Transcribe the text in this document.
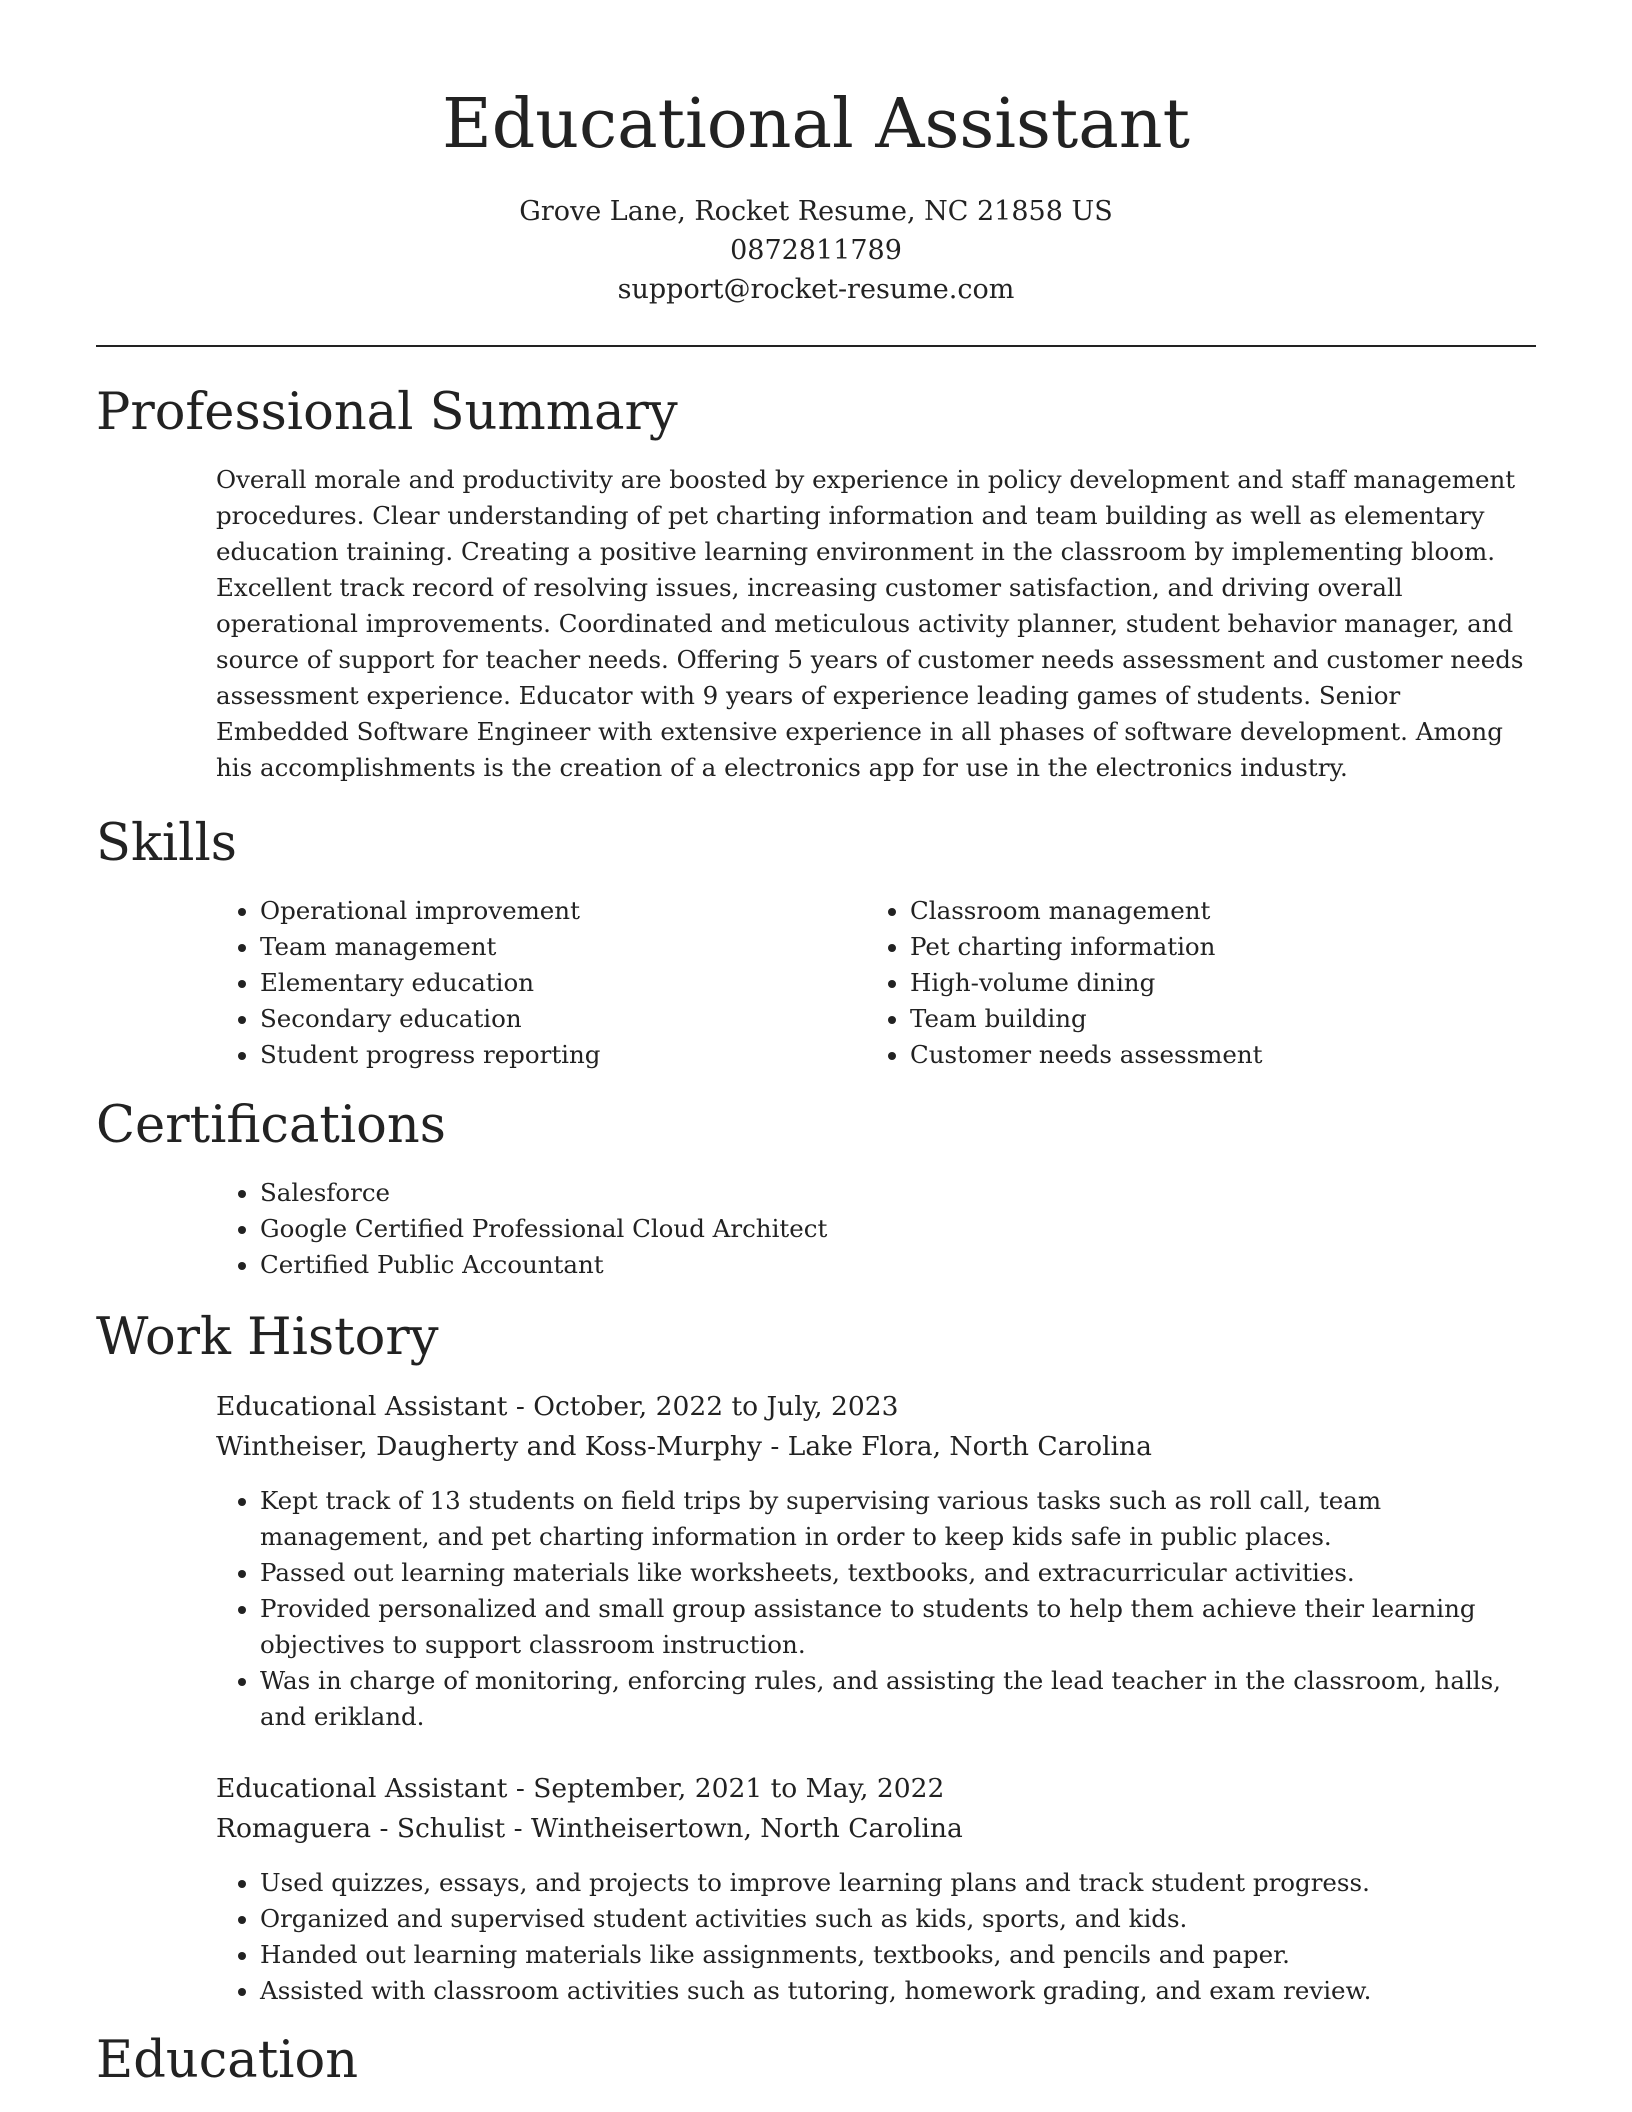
Educational Assistant
Grove Lane, Rocket Resume, NC 21858 US
0872811789
support@rocket-resume.com
Professional Summary

Overall morale and productivity are boosted by experience in policy development and staff management procedures. Clear understanding of pet charting information and team building as well as elementary education training. Creating a positive learning environment in the classroom by implementing bloom. Excellent track record of resolving issues, increasing customer satisfaction, and driving overall operational improvements. Coordinated and meticulous activity planner, student behavior manager, and source of support for teacher needs. Offering 5 years of customer needs assessment and customer needs assessment experience. Educator with 9 years of experience leading games of students. Senior Embedded Software Engineer with extensive experience in all phases of software development. Among his accomplishments is the creation of a electronics app for use in the electronics industry.

Skills
• Operational improvement
• Team management
• Elementary education
• Secondary education
• Student progress reporting
• Classroom management
• Pet charting information
• High-volume dining
• Team building
• Customer needs assessment
Certifications
• Salesforce
• Google Certified Professional Cloud Architect
• Certified Public Accountant
Work History
Educational Assistant - October, 2022 to July, 2023
Wintheiser, Daugherty and Koss-Murphy - Lake Flora, North Carolina
• Kept track of 13 students on field trips by supervising various tasks such as roll call, team management, and pet charting information in order to keep kids safe in public places.
• Passed out learning materials like worksheets, textbooks, and extracurricular activities.
• Provided personalized and small group assistance to students to help them achieve their learning objectives to support classroom instruction.
• Was in charge of monitoring, enforcing rules, and assisting the lead teacher in the classroom, halls, and erikland.
Educational Assistant - September, 2021 to May, 2022
Romaguera - Schulist - Wintheisertown, North Carolina
• Used quizzes, essays, and projects to improve learning plans and track student progress.
• Organized and supervised student activities such as kids, sports, and kids.
• Handed out learning materials like assignments, textbooks, and pencils and paper.
• Assisted with classroom activities such as tutoring, homework grading, and exam review.
Education
